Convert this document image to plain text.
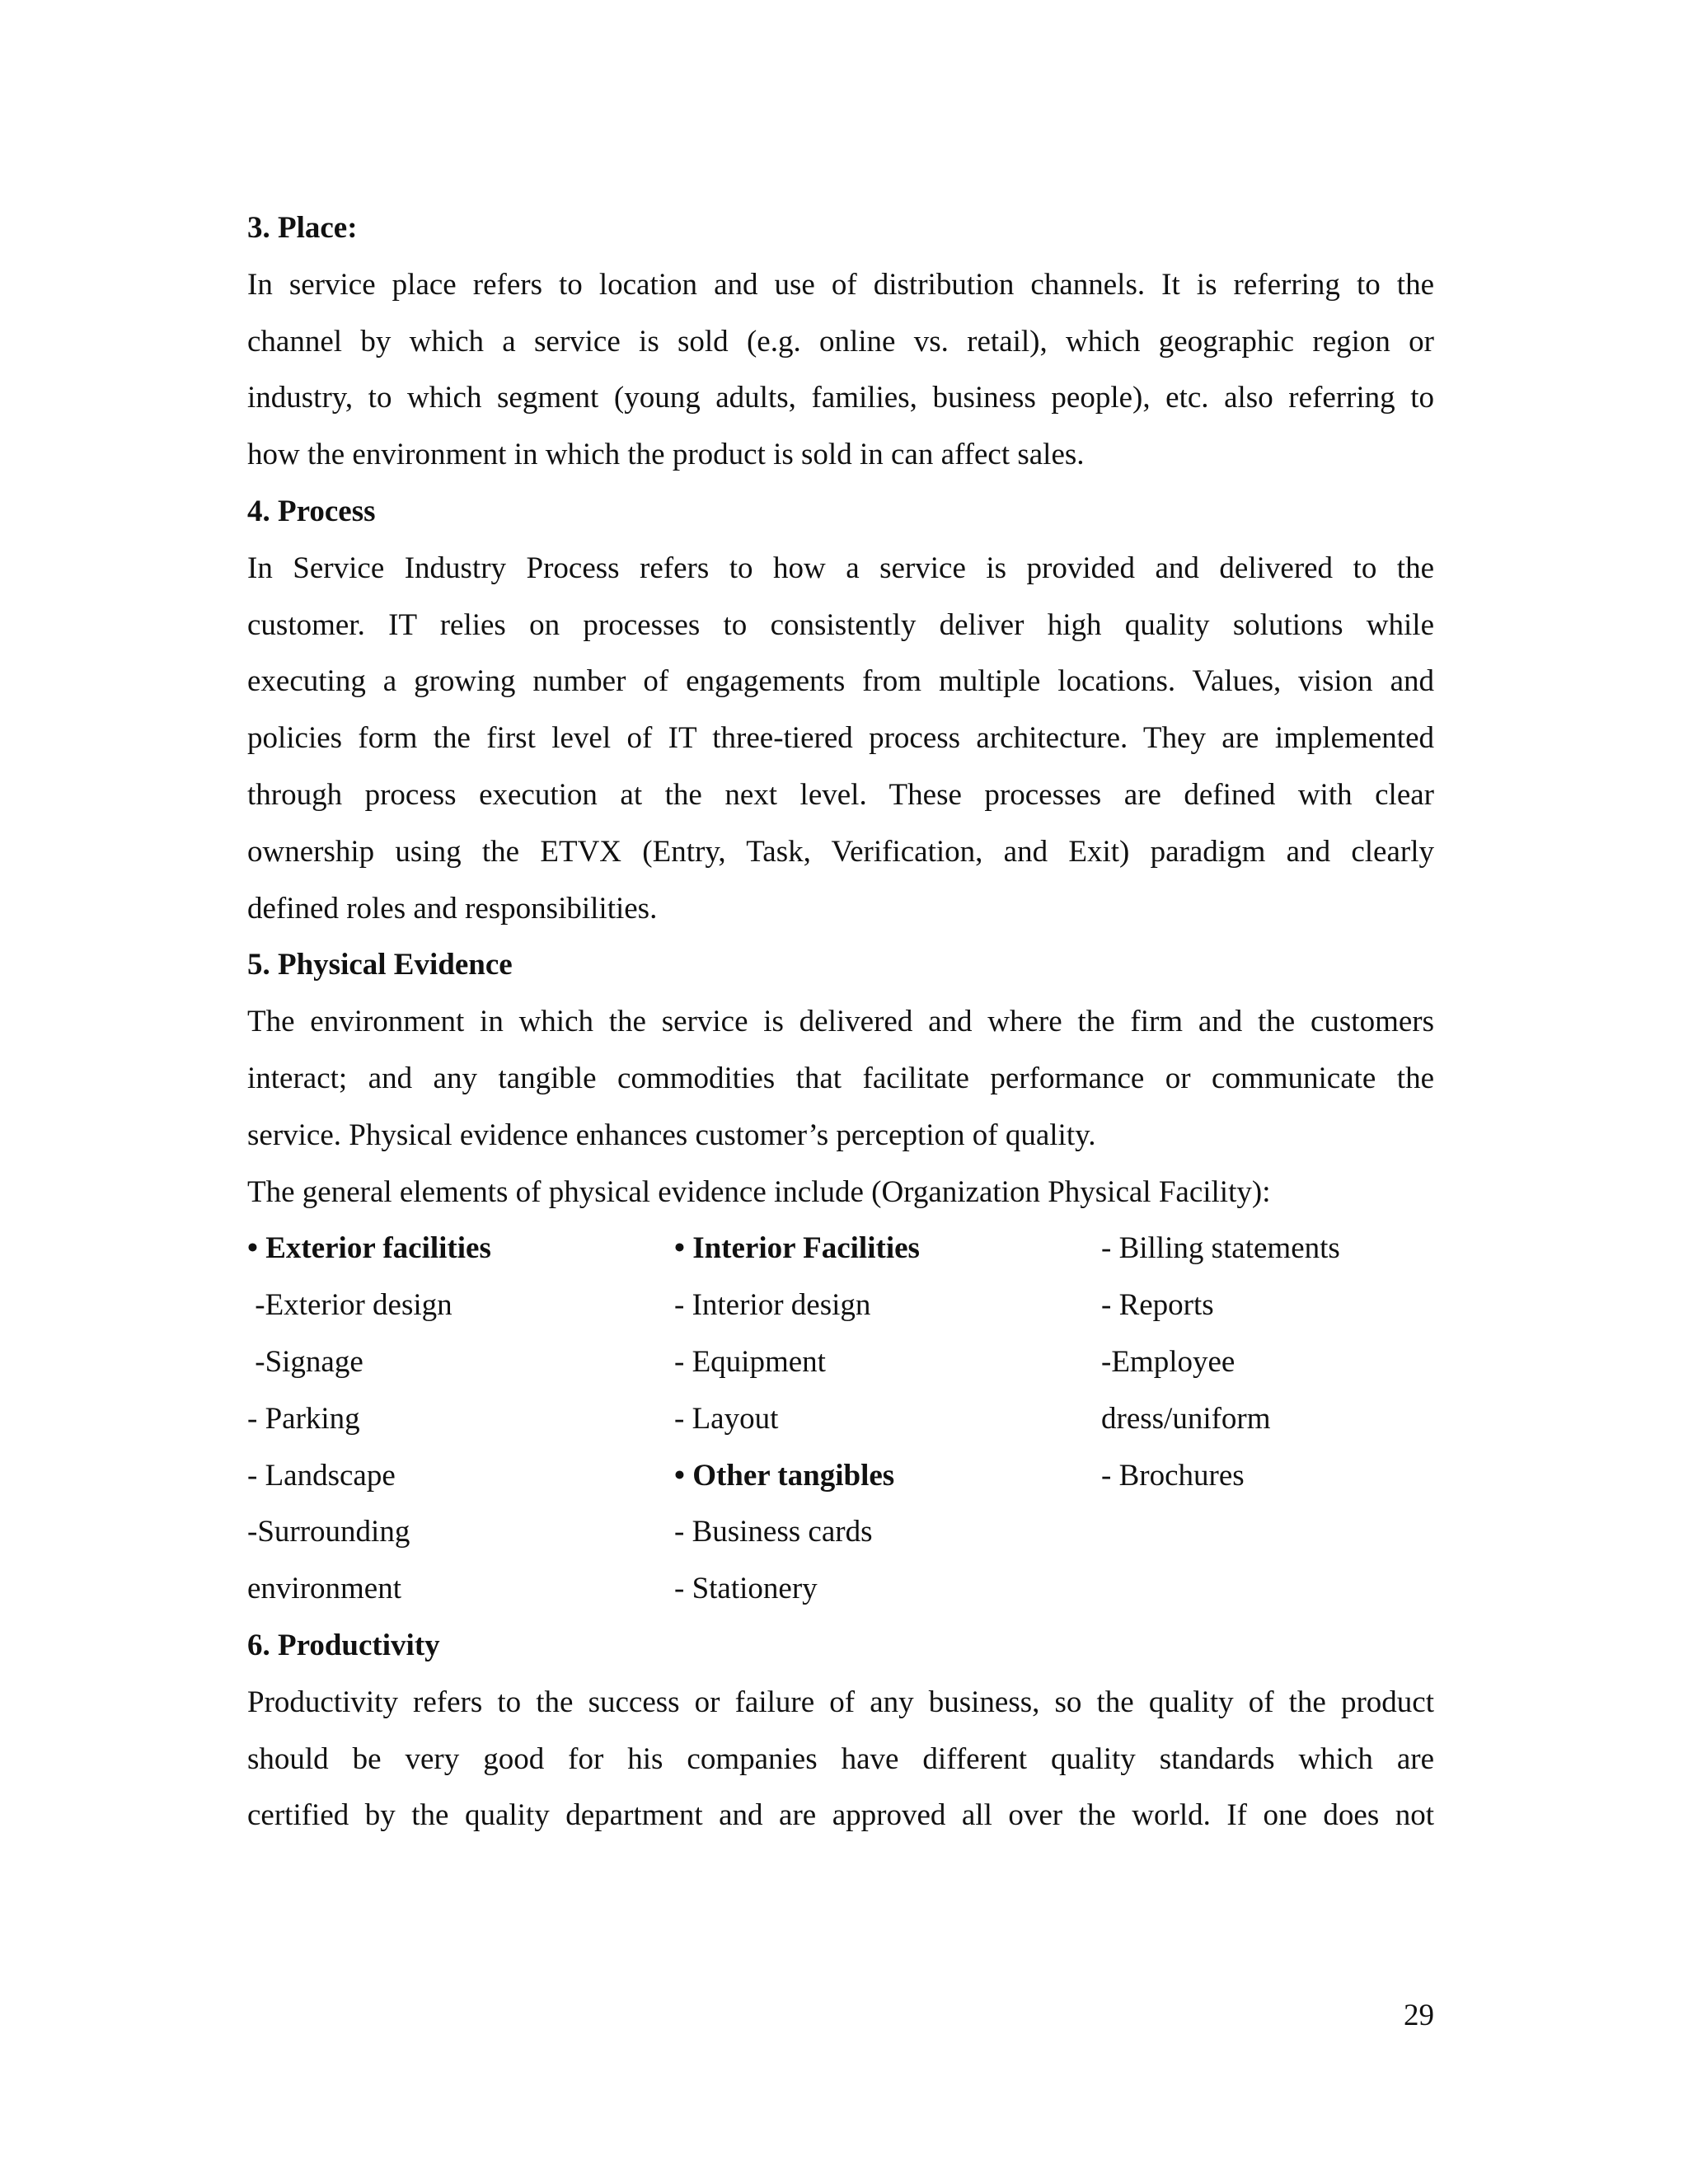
3. Place:
In service place refers to location and use of distribution channels. It is referring to the
channel by which a service is sold (e.g. online vs. retail), which geographic region or
industry, to which segment (young adults, families, business people), etc. also referring to
how the environment in which the product is sold in can affect sales.
4. Process
In Service Industry Process refers to how a service is provided and delivered to the
customer. IT relies on processes to consistently deliver high quality solutions while
executing a growing number of engagements from multiple locations. Values, vision and
policies form the first level of IT three-tiered process architecture. They are implemented
through process execution at the next level. These processes are defined with clear
ownership using the ETVX (Entry, Task, Verification, and Exit) paradigm and clearly
defined roles and responsibilities.
5. Physical Evidence
The environment in which the service is delivered and where the firm and the customers
interact; and any tangible commodities that facilitate performance or communicate the
service. Physical evidence enhances customer’s perception of quality.
The general elements of physical evidence include (Organization Physical Facility):
• Exterior facilities	• Interior Facilities	- Billing statements
-Exterior design	- Interior design	- Reports
-Signage	- Equipment	-Employee
- Parking	- Layout	dress/uniform
- Landscape	• Other tangibles	- Brochures
-Surrounding	- Business cards
environment	- Stationery
6. Productivity
Productivity refers to the success or failure of any business, so the quality of the product
should be very good for his companies have different quality standards which are
certified by the quality department and are approved all over the world. If one does not
29
